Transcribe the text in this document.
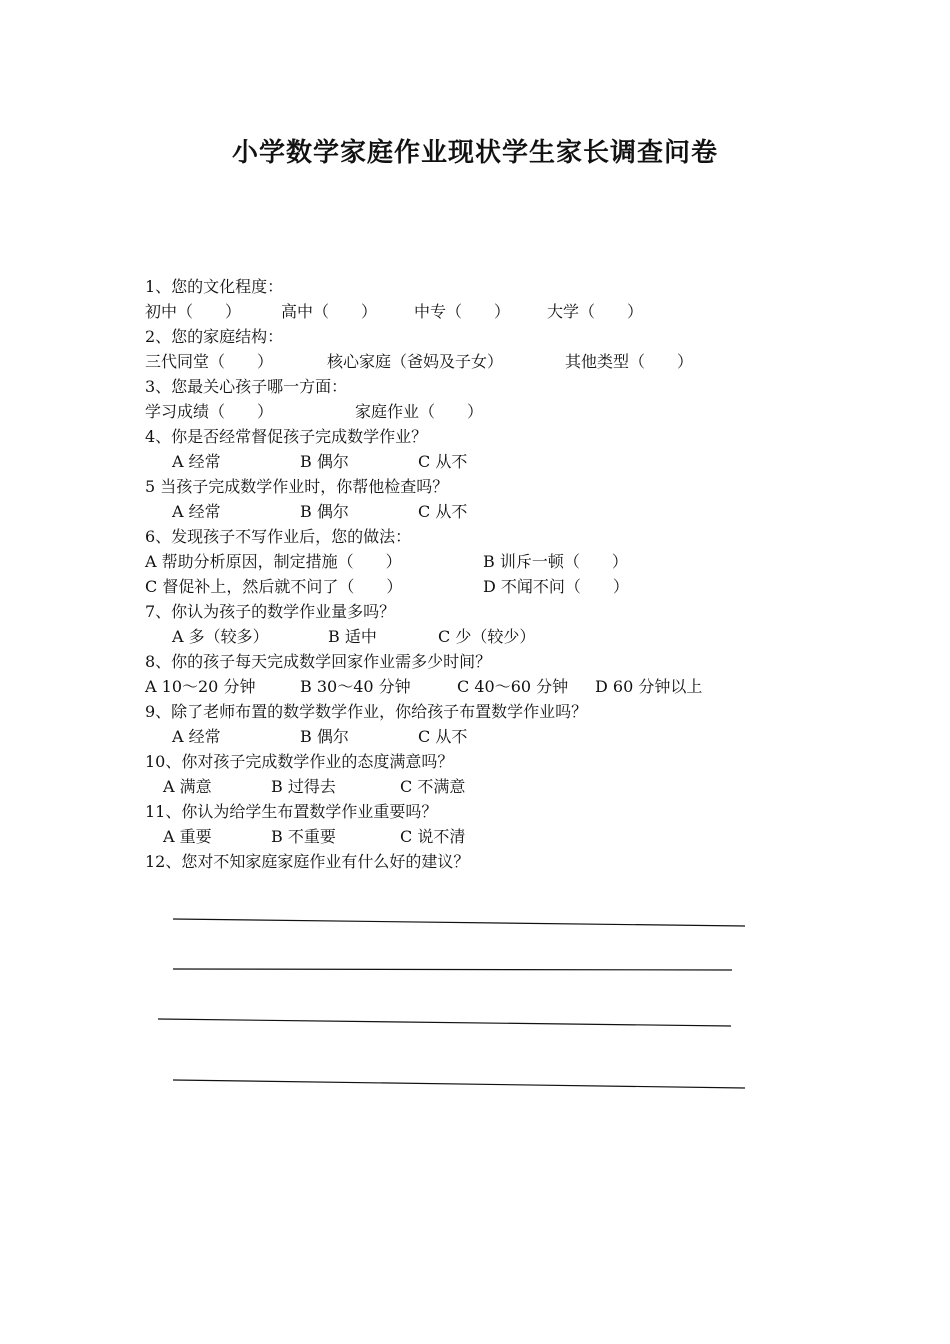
小学数学家庭作业现状学生家长调查问卷
1、您的文化程度：
初中（　　）	高中（　　）	中专（　　）	大学（　　）
2、您的家庭结构：
三代同堂（　　）	核心家庭（爸妈及子女）	其他类型（　　）
3、您最关心孩子哪一方面：
学习成绩（　　）	家庭作业（　　）
4、你是否经常督促孩子完成数学作业？
A 经常	B 偶尔	C 从不
5 当孩子完成数学作业时，你帮他检查吗？
A 经常	B 偶尔	C 从不
6、发现孩子不写作业后，您的做法：
A 帮助分析原因，制定措施（　　）	B 训斥一顿（　　）
C 督促补上，然后就不问了（　　）	D 不闻不问（　　）
7、你认为孩子的数学作业量多吗？
A 多（较多）	B 适中	C 少（较少）
8、你的孩子每天完成数学回家作业需多少时间？
A 10～20 分钟	B 30～40 分钟	C 40～60 分钟	D 60 分钟以上
9、除了老师布置的数学数学作业，你给孩子布置数学作业吗？
A 经常	B 偶尔	C 从不
10、你对孩子完成数学作业的态度满意吗？
A 满意	B 过得去	C 不满意
11、你认为给学生布置数学作业重要吗？
A 重要	B 不重要	C 说不清
12、您对不知家庭家庭作业有什么好的建议？
